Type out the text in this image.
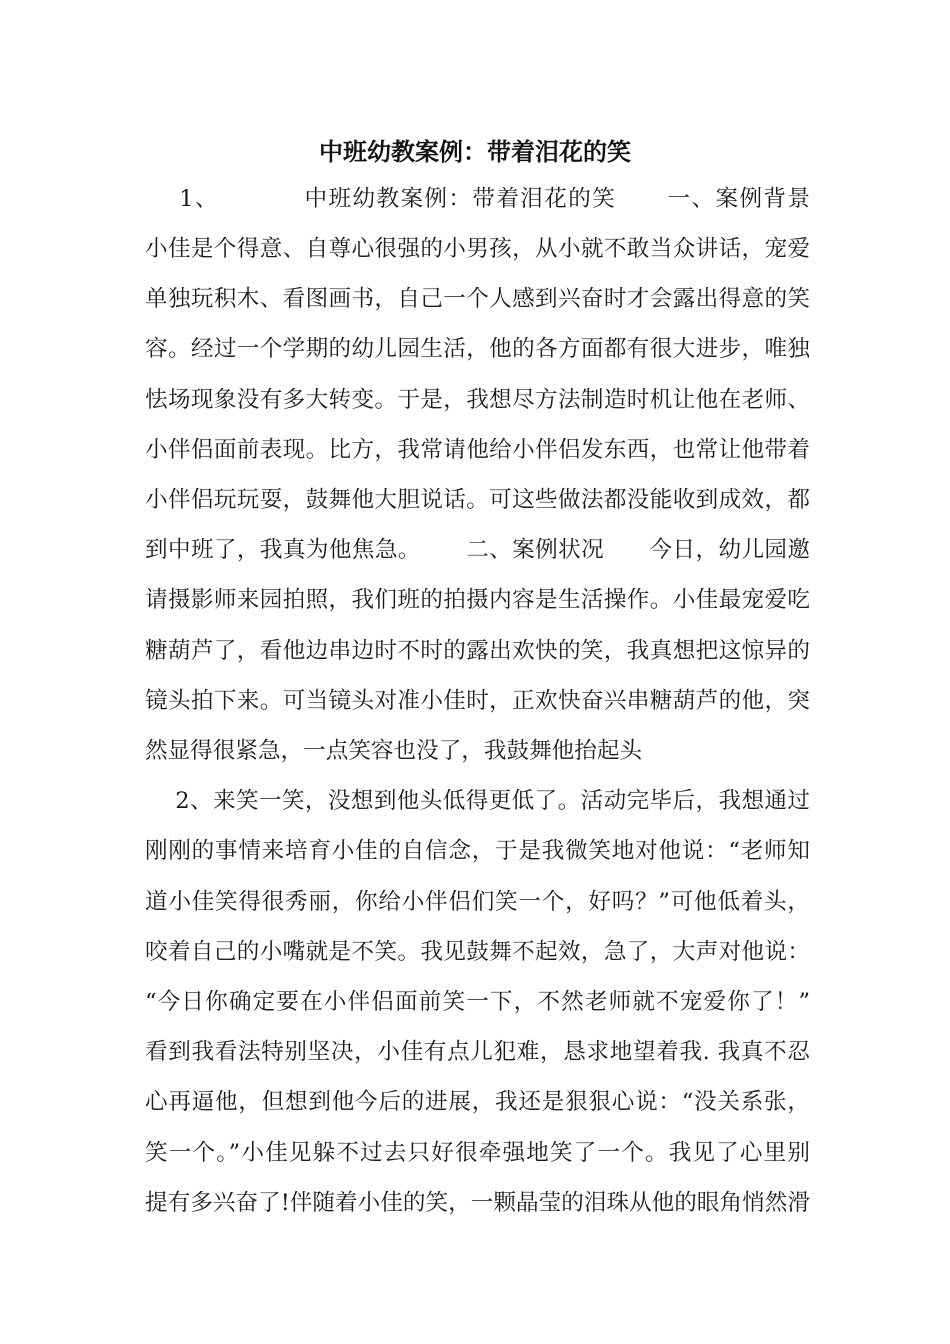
中班幼教案例：带着泪花的笑
1、          中班幼教案例：带着泪花的笑      一、案例背景
小佳是个得意、自尊心很强的小男孩，从小就不敢当众讲话，宠爱
单独玩积木、看图画书，自己一个人感到兴奋时才会露出得意的笑
容。经过一个学期的幼儿园生活，他的各方面都有很大进步，唯独
怯场现象没有多大转变。于是，我想尽方法制造时机让他在老师、
小伴侣面前表现。比方，我常请他给小伴侣发东西，也常让他带着
小伴侣玩玩耍，鼓舞他大胆说话。可这些做法都没能收到成效，都
到中班了，我真为他焦急。      二、案例状况      今日，幼儿园邀
请摄影师来园拍照，我们班的拍摄内容是生活操作。小佳最宠爱吃
糖葫芦了，看他边串边时不时的露出欢快的笑，我真想把这惊异的
镜头拍下来。可当镜头对准小佳时，正欢快奋兴串糖葫芦的他，突
然显得很紧急，一点笑容也没了，我鼓舞他抬起头
2、来笑一笑，没想到他头低得更低了。活动完毕后，我想通过
刚刚的事情来培育小佳的自信念，于是我微笑地对他说：“老师知
道小佳笑得很秀丽，你给小伴侣们笑一个，好吗？”可他低着头，
咬着自己的小嘴就是不笑。我见鼓舞不起效，急了，大声对他说：
“今日你确定要在小伴侣面前笑一下，不然老师就不宠爱你了！”
看到我看法特别坚决，小佳有点儿犯难，恳求地望着我. 我真不忍
心再逼他，但想到他今后的进展，我还是狠狠心说：“没关系张，
笑一个。”小佳见躲不过去只好很牵强地笑了一个。我见了心里别
提有多兴奋了!伴随着小佳的笑，一颗晶莹的泪珠从他的眼角悄然滑
